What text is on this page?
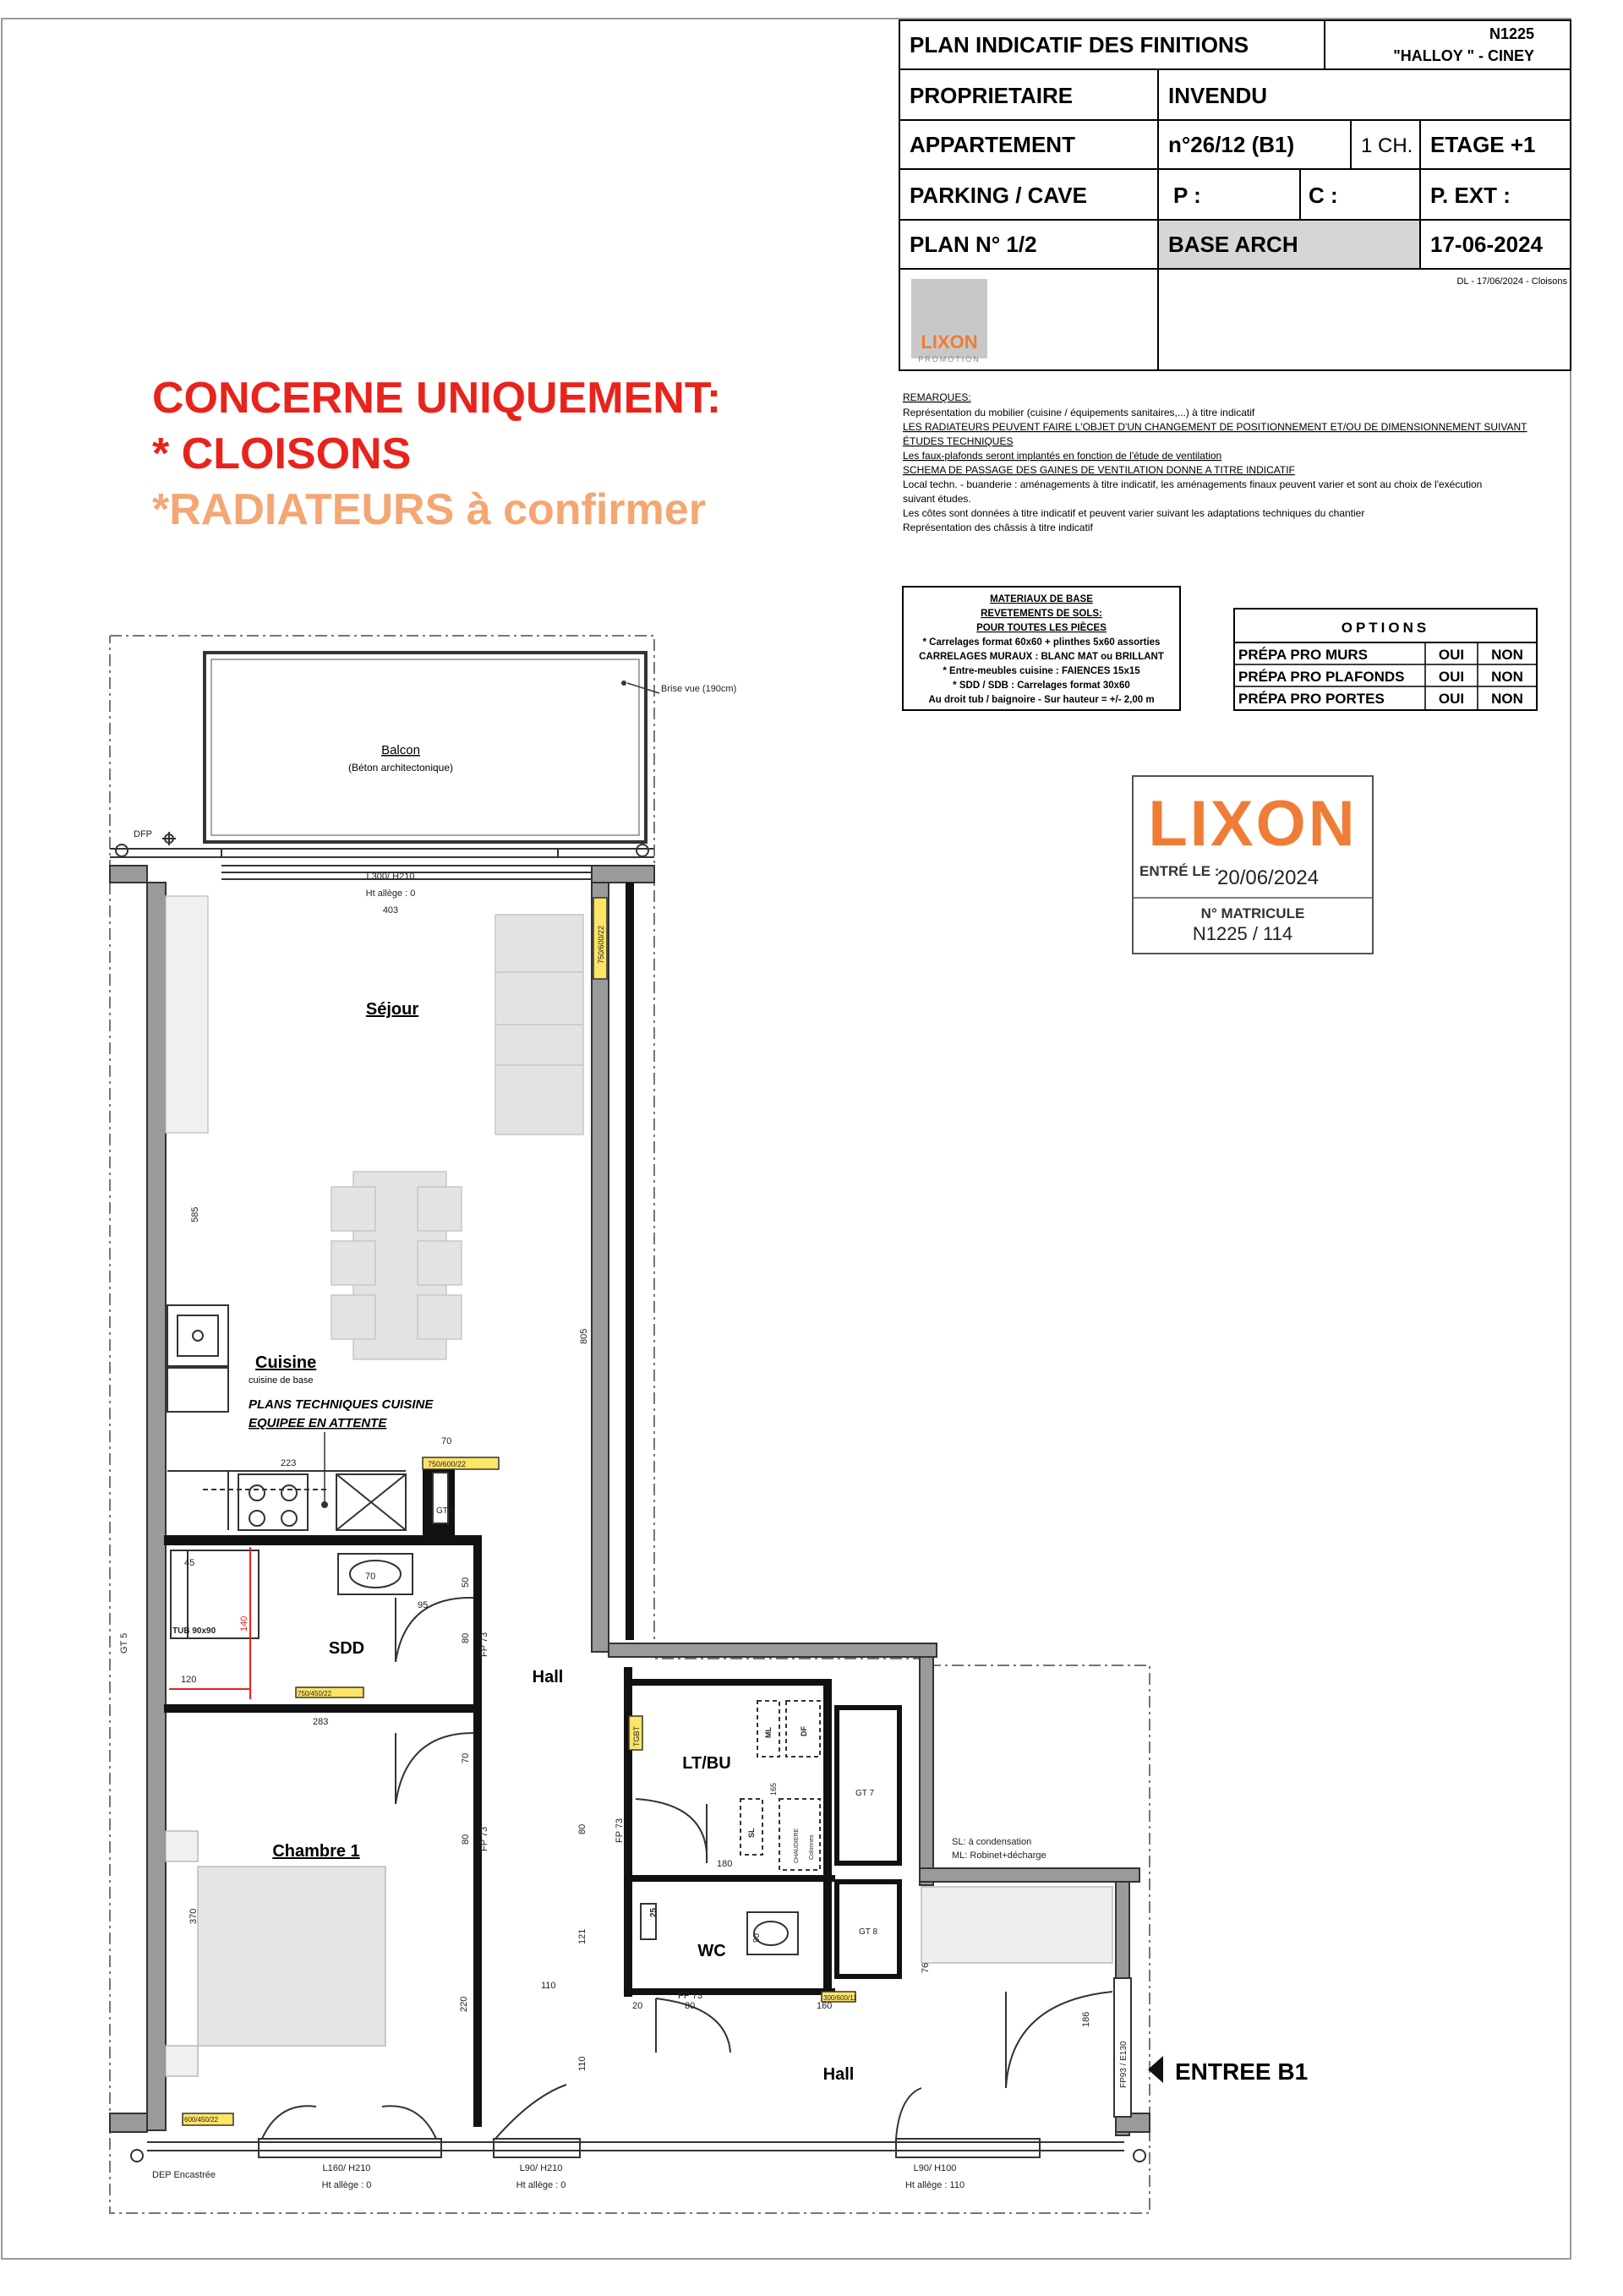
PLAN INDICATIF DES FINITIONS	N1225
"HALLOY " - CINEY
PROPRIETAIRE	INVENDU
APPARTEMENT	n°26/12 (B1)	1 CH. ETAGE +1
PARKING / CAVE	P :	C :	P. EXT :
PLAN N° 1/2	BASE ARCH	17-06-2024
DL - 17/06/2024 - Cloisons
LIXON
PROMOTION
CONCERNE UNIQUEMENT:
* CLOISONS
*RADIATEURS à confirmer
REMARQUES:
Représentation du mobilier (cuisine / équipements sanitaires,...) à titre indicatif
LES RADIATEURS PEUVENT FAIRE L'OBJET D'UN CHANGEMENT DE POSITIONNEMENT ET/OU DE DIMENSIONNEMENT SUIVANT
ÉTUDES TECHNIQUES
Les faux-plafonds seront implantés en fonction de l'étude de ventilation
SCHEMA DE PASSAGE DES GAINES DE VENTILATION DONNE A TITRE INDICATIF
Local techn. - buanderie : aménagements à titre indicatif, les aménagements finaux peuvent varier et sont au choix de l'exécution
suivant études.
Les côtes sont données à titre indicatif et peuvent varier suivant les adaptations techniques du chantier
Représentation des châssis à titre indicatif
MATERIAUX DE BASE
REVETEMENTS DE SOLS:
POUR TOUTES LES PIÈCES
* Carrelages format 60x60 + plinthes 5x60 assorties
CARRELAGES MURAUX : BLANC MAT ou BRILLANT
* Entre-meubles cuisine : FAIENCES 15x15
* SDD / SDB : Carrelages format 30x60
Au droit tub / baignoire - Sur hauteur = +/- 2,00 m
OPTIONS
PRÉPA PRO MURS	OUI NON
PRÉPA PRO PLAFONDS OUI NON
PRÉPA PRO PORTES	OUI NON
LIXON
ENTRÉ LE :
20/06/2024
N° MATRICULE
N1225 / 114
Balcon
(Béton architectonique)
Séjour
Cuisine
cuisine de base
PLANS TECHNIQUES CUISINE
EQUIPEE EN ATTENTE
SDD
Hall
Chambre 1
LT/BU
WC
Hall	ENTREE B1
Brise vue (190cm)
DFP
L300/ H210
Ht allège : 0
403
750/600/22
585
805
223
70
750/600/22
GT 6
45
70
TUB 90x90	140
95
50
80 FP 73
GT 5
120
750/450/22
283
70
80 FP 73
370
220
110
121
80
110
600/450/22
DEP Encastrée
L160/ H210
Ht allège : 0
L90/ H210
Ht allège : 0
L90/ H100
Ht allège : 110
TGBT	ML	DF
165
SL	CHAUDIERE Colonnes
180
FP 73
GT 7
SL: à condensation
ML: Robinet+décharge
25
90
GT 8
76
20
FP 73
80	160
300/600/11
186
FP93 / E130
